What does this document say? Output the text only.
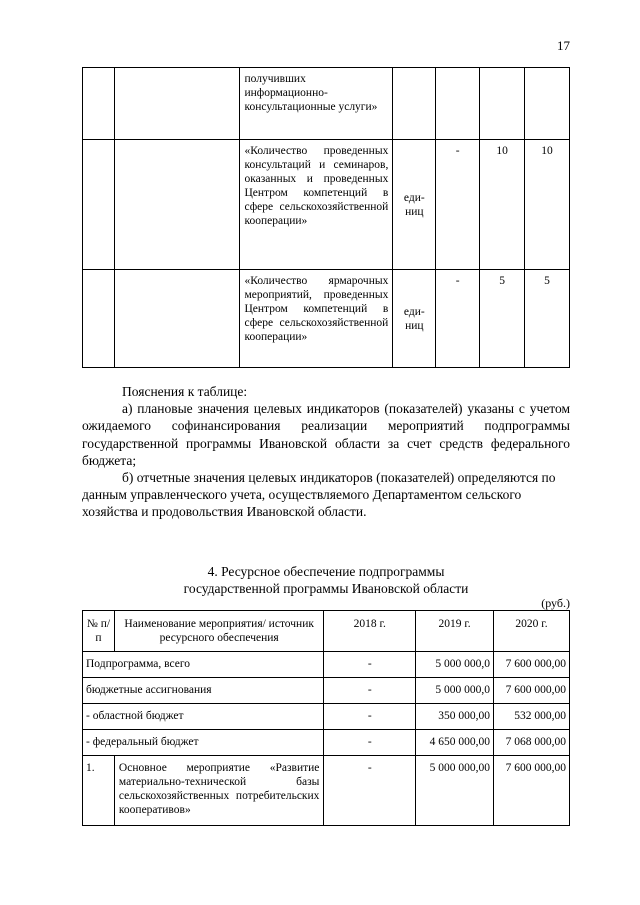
17
		получивших информационно-консультационные услуги»				
		«Количество проведенных консультаций и семинаров, оказанных и проведенных Центром компетенций в сфере сельскохозяйственной кооперации»	еди-ниц	-	10	10
		«Количество ярмарочных мероприятий, проведенных Центром компетенций в сфере сельскохозяйственной кооперации»	еди-ниц	-	5	5

Пояснения к таблице:

а) плановые значения целевых индикаторов (показателей) указаны с учетом ожидаемого софинансирования реализации мероприятий подпрограммы государственной программы Ивановской области за счет средств федерального бюджета;

б) отчетные значения целевых индикаторов (показателей) определяются по данным управленческого учета, осуществляемого Департаментом сельского хозяйства и продовольствия Ивановской области.

4. Ресурсное обеспечение подпрограммы
государственной программы Ивановской области
(руб.)
№ п/п	Наименование мероприятия/ источник ресурсного обеспечения	2018 г.	2019 г.	2020 г.
Подпрограмма, всего		-	5 000 000,0	7 600 000,00
бюджетные ассигнования		-	5 000 000,0	7 600 000,00
- областной бюджет		-	350 000,00	532 000,00
- федеральный бюджет		-	4 650 000,00	7 068 000,00
1.	Основное мероприятие «Развитие материально-технической базы сельскохозяйственных потребительских кооперативов»	-	5 000 000,00	7 600 000,00
